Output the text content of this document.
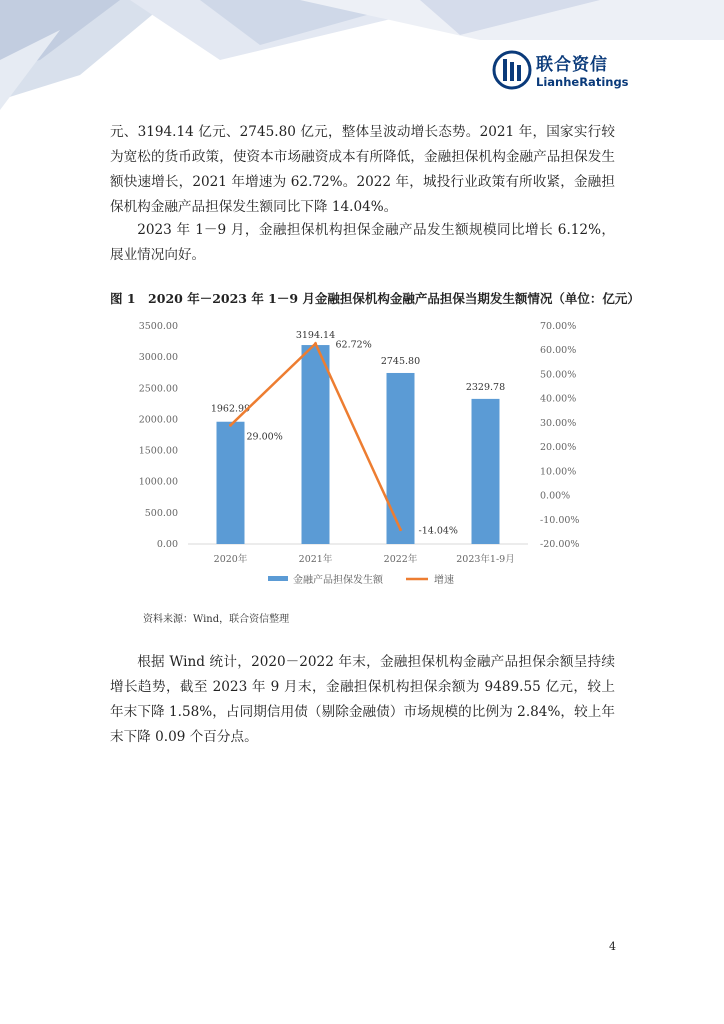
联合资信
LianheRatings

元、3194.14 亿元、2745.80 亿元，整体呈波动增长态势。2021 年，国家实行较为宽松的货币政策，使资本市场融资成本有所降低，金融担保机构金融产品担保发生额快速增长，2021 年增速为 62.72%。2022 年，城投行业政策有所收紧，金融担保机构金融产品担保发生额同比下降 14.04%。

2023 年 1－9 月，金融担保机构担保金融产品发生额规模同比增长 6.12%，展业情况向好。

图 1　2020 年－2023 年 1－9 月金融担保机构金融产品担保当期发生额情况（单位：亿元）

3500.00
3000.00
2500.00
2000.00
1500.00
1000.00
500.00
0.00
70.00%
60.00%
50.00%
40.00%
30.00%
20.00%
10.00%
0.00%
-10.00%
-20.00%
1962.99
3194.14
2745.80
2329.78
29.00%
62.72%
-14.04%
2020年	2021年	2022年	2023年1-9月
金融产品担保发生额	增速
资料来源：Wind，联合资信整理

根据 Wind 统计，2020－2022 年末，金融担保机构金融产品担保余额呈持续增长趋势，截至 2023 年 9 月末，金融担保机构担保余额为 9489.55 亿元，较上年末下降 1.58%，占同期信用债（剔除金融债）市场规模的比例为 2.84%，较上年末下降 0.09 个百分点。

4
